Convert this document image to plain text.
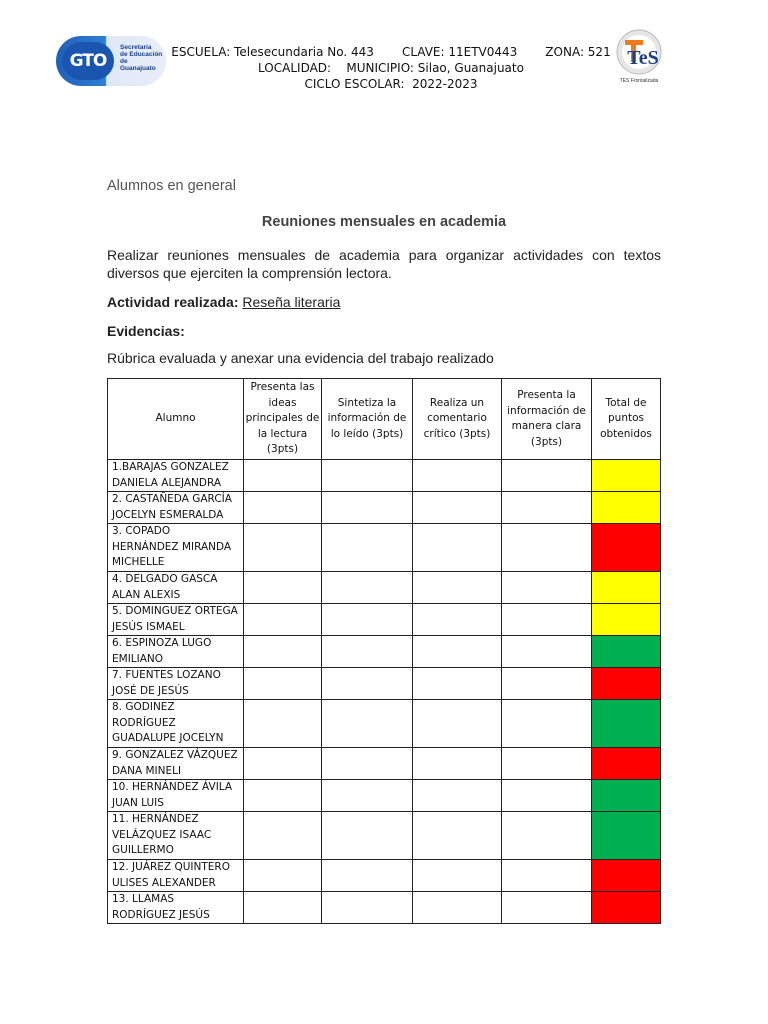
GTO
Secretaría
de Educación
de Guanajuato
ESCUELA: Telesecundaria No. 443 CLAVE: 11ETV0443 ZONA: 521
LOCALIDAD:    MUNICIPIO: Silao, Guanajuato
CICLO ESCOLAR:  2022-2023
TeS
TES Frontalizada
Alumnos en general
Reuniones mensuales en academia
Realizar reuniones mensuales de academia para organizar actividades con textos diversos que ejerciten la comprensión lectora.
Actividad realizada: Reseña literaria
Evidencias:
Rúbrica evaluada y anexar una evidencia del trabajo realizado
Alumno	Presenta las ideas principales de la lectura (3pts)	Sintetiza la información de lo leído (3pts)	Realiza un comentario crítico (3pts)	Presenta la información de manera clara (3pts)	Total de puntos obtenidos
1.BARAJAS GONZALEZ DANIELA ALEJANDRA					
2. CASTAÑEDA GARCÍA JOCELYN ESMERALDA					
3. COPADO HERNÁNDEZ MIRANDA MICHELLE					
4. DELGADO GASCA ALAN ALEXIS					
5. DOMINGUEZ ORTEGA JESÚS ISMAEL					
6. ESPINOZA LUGO EMILIANO					
7. FUENTES LOZANO JOSÉ DE JESÚS					
8. GODINEZ RODRÍGUEZ GUADALUPE JOCELYN					
9. GONZALEZ VÁZQUEZ DANA MINELI					
10. HERNÁNDEZ ÁVILA JUAN LUIS					
11. HERNÁNDEZ VELÁZQUEZ ISAAC GUILLERMO					
12. JUÁREZ QUINTERO ULISES ALEXANDER					
13. LLAMAS RODRÍGUEZ JESÚS					
